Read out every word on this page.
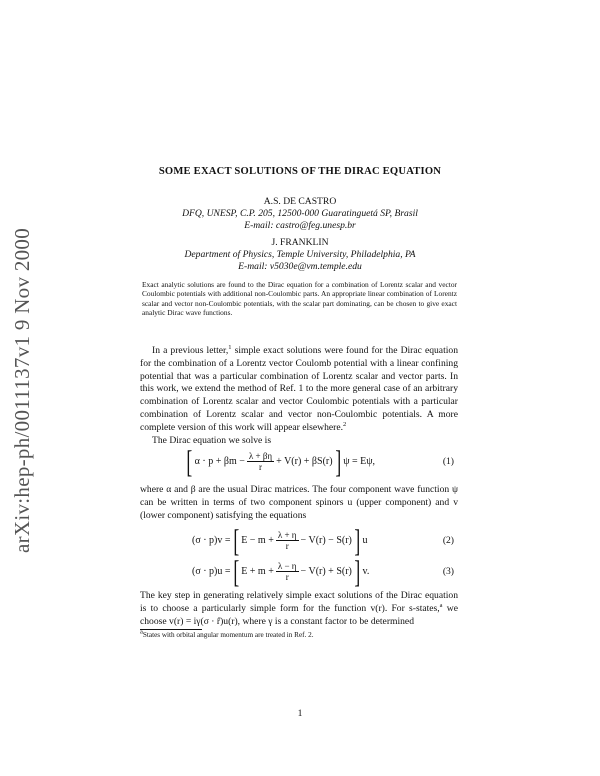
arXiv:hep-ph/0011137v1 9 Nov 2000
SOME EXACT SOLUTIONS OF THE DIRAC EQUATION
A.S. DE CASTRO
DFQ, UNESP, C.P. 205, 12500-000 Guaratinguetá SP, Brasil
E-mail: castro@feg.unesp.br
J. FRANKLIN
Department of Physics, Temple University, Philadelphia, PA
E-mail: v5030e@vm.temple.edu
Exact analytic solutions are found to the Dirac equation for a combination of Lorentz scalar and vector Coulombic potentials with additional non-Coulombic parts. An appropriate linear combination of Lorentz scalar and vector non-Coulombic potentials, with the scalar part dominating, can be chosen to give exact analytic Dirac wave functions.

In a previous letter,$^1$ simple exact solutions were found for the Dirac equation for the combination of a Lorentz vector Coulomb potential with a linear confining potential that was a particular combination of Lorentz scalar and vector parts. In this work, we extend the method of Ref. 1 to the more general case of an arbitrary combination of Lorentz scalar and vector Coulombic potentials with a particular combination of Lorentz scalar and vector non-Coulombic potentials. A more complete version of this work will appear elsewhere.$^2$

The Dirac equation we solve is

[ $\alpha \cdot p + \beta m - \frac{\lambda + \beta\eta}{r} + V(r) + \beta S(r)$ ] ψ = Eψ,	(1)
where α and β are the usual Dirac matrices. The four component wave function ψ can be written in terms of two component spinors u (upper component) and v (lower component) satisfying the equations
(σ · p)v = [ $E - m + \frac{\lambda + \eta}{r} - V(r) - S(r)$ ] u	(2)
(σ · p)u = [ $E + m + \frac{\lambda - \eta}{r} - V(r) + S(r)$ ] v.	(3)

The key step in generating relatively simple exact solutions of the Dirac equation is to choose a particularly simple form for the function v(r). For s-states,$^a$ we choose v(r) = iγ(σ · r̂)u(r), where γ is a constant factor to be determined

$^a$States with orbital angular momentum are treated in Ref. 2.
1
